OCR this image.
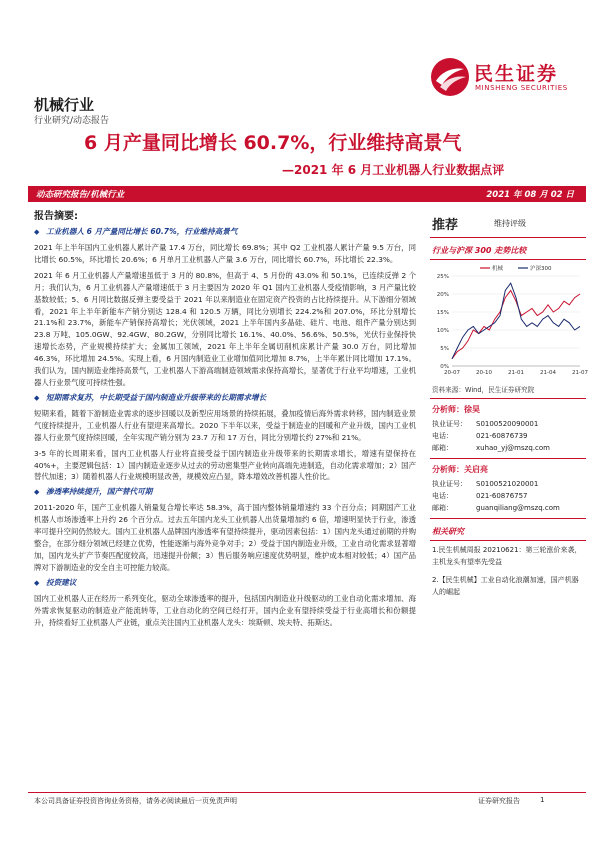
民生证券
MINSHENG SECURITIES
机械行业
行业研究/动态报告
6 月产量同比增长 60.7%，行业维持高景气
—2021 年 6 月工业机器人行业数据点评
动态研究报告/机械行业	2021 年 08 月 02 日
报告摘要:
◆ 工业机器人 6 月产量同比增长 60.7%，行业维持高景气
2021 年上半年国内工业机器人累计产量 17.4 万台，同比增长 69.8%；其中 Q2 工业机器人累计产量 9.5 万台，同比增长 60.5%，环比增长 20.6%；6 月单月工业机器人产量 3.6 万台，同比增长 60.7%，环比增长 22.3%。
2021 年 6 月工业机器人产量增速虽低于 3 月的 80.8%，但高于 4、5 月份的 43.0% 和 50.1%，已连续反弹 2 个月；我们认为，6 月工业机器人产量增速低于 3 月主要因为 2020 年 Q1 国内工业机器人受疫情影响，3 月产量比较基数较低；5、6 月同比数据反弹主要受益于 2021 年以来制造业在固定资产投资的占比持续提升。从下游细分领域看，2021 年上半年新能车产销分别达 128.4 和 120.5 万辆，同比分别增长 224.2%和 207.0%，环比分别增长 21.1%和 23.7%，新能车产销保持高增长；光伏领域，2021 上半年国内多晶硅、硅片、电池、组件产量分别达到 23.8 万吨、105.0GW、92.4GW、80.2GW，分别同比增长 16.1%、40.0%、56.6%、50.5%，光伏行业保持快速增长态势，产业规模持续扩大；金属加工领域，2021 年上半年全属切削机床累计产量 30.0 万台，同比增加 46.3%，环比增加 24.5%。实现上看，6 月国内制造业工业增加值同比增加 8.7%，上半年累计同比增加 17.1%。我们认为，国内制造业维持高景气，工业机器人下游高端制造领域需求保持高增长，显著优于行业平均增速，工业机器人行业景气度可持续性强。
◆ 短期需求复苏，中长期受益于国内制造业升级带来的长期需求增长
短期来看，随着下游制造业需求的逐步回暖以及新型应用场景的持续拓展，叠加疫情后海外需求转移，国内制造业景气度持续提升，工业机器人行业有望迎来高增长。2020 下半年以来，受益于制造业的回暖和产业升级，国内工业机器人行业景气度持续回暖，全年实现产销分别为 23.7 万和 17 万台，同比分别增长约 27%和 21%。
3-5 年的长周期来看，国内工业机器人行业将直接受益于国内制造业升级带来的长期需求增长，增速有望保持在 40%+，主要逻辑包括：1）国内制造业逐步从过去的劳动密集型产业转向高端先进制造，自动化需求增加；2）国产替代加速；3）随着机器人行业规模明显改善，规模效应凸显，降本增效改善机器人性价比。
◆ 渗透率持续提升，国产替代可期
2011-2020 年，国产工业机器人销量复合增长率达 58.3%，高于国内整体销量增速约 33 个百分点；同期国产工业机器人市场渗透率上升约 26 个百分点。过去五年国内龙头工业机器人出货量增加约 6 倍，增速明显快于行业，渗透率可提升空间仍然较大。国内工业机器人品牌国内渗透率有望持续提升，驱动因素包括：1）国内龙头通过前期的并购整合，在部分细分领域已经建立优势，性能逐渐与海外竞争对手；2）受益于国内制造业升级，工业自动化需求显著增加，国内龙头扩产节奏匹配度较高，迅速提升份额；3）售后服务响应速度优势明显，维护成本相对较低；4）国产品牌对下游制造业的安全自主可控能力较高。
◆ 投资建议
国内工业机器人正在经历一系列变化，驱动全球渗透率的提升，包括国内制造业升级驱动的工业自动化需求增加、海外需求恢复驱动的制造业产能流转等，工业自动化的空间已经打开，国内企业有望持续受益于行业高增长和份额提升，持续看好工业机器人产业链，重点关注国内工业机器人龙头：埃斯顿、埃夫特、拓斯达。
推荐	维持评级
行业与沪深 300 走势比较
0%
5%
10%
15%
20%
25%
20-07	20-10	21-01	21-04	21-07
机械	沪深300
资料来源：Wind，民生证券研究院
分析师：徐昊
执业证号：	S0100520090001
电话：	021-60876739
邮箱：	xuhao_yj@mszq.com
分析师：关启亮
执业证号：	S0100521020001
电话：	021-60876757
邮箱：	guanqiliang@mszq.com
相关研究
1.民生机械周报 20210621：第三轮涨价来袭，主机龙头有望率先受益
2.【民生机械】工业自动化浪潮加速，国产机器人的崛起
本公司具备证券投资咨询业务资格，请务必阅读最后一页免责声明	证券研究报告	1
